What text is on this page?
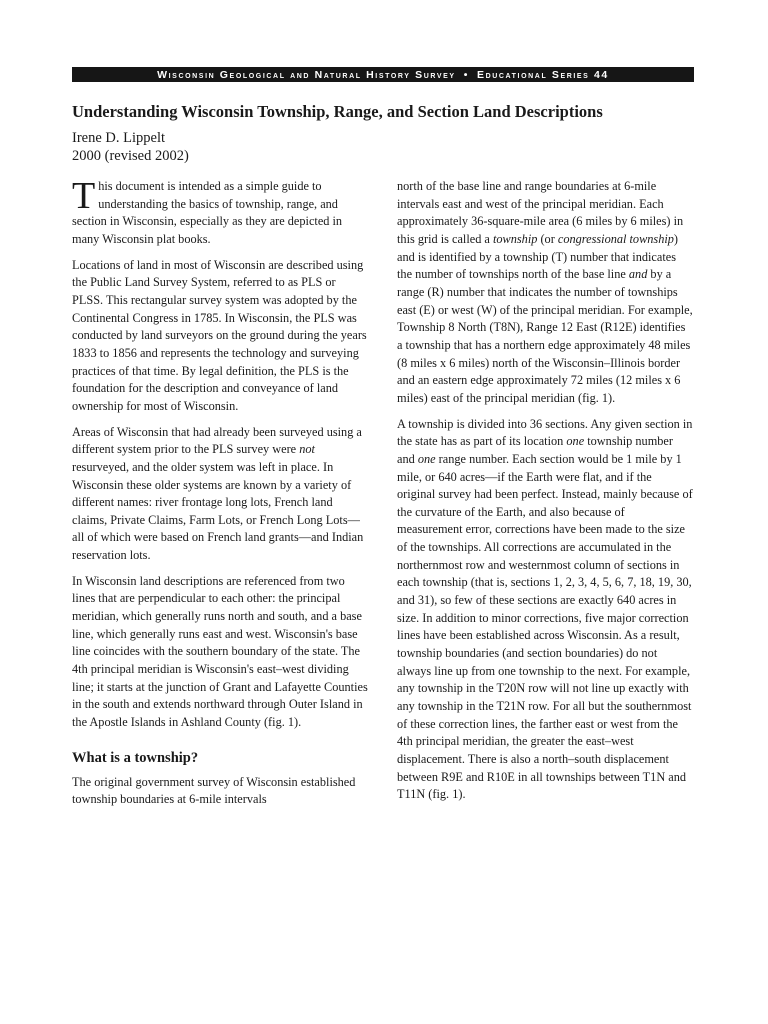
Wisconsin Geological and Natural History Survey • Educational Series 44
Understanding Wisconsin Township, Range, and Section Land Descriptions
Irene D. Lippelt
2000 (revised 2002)

This document is intended as a simple guide to understanding the basics of township, range, and section in Wisconsin, especially as they are depicted in many Wisconsin plat books.

Locations of land in most of Wisconsin are described using the Public Land Survey System, referred to as PLS or PLSS. This rectangular survey system was adopted by the Continental Congress in 1785. In Wisconsin, the PLS was conducted by land surveyors on the ground during the years 1833 to 1856 and represents the technology and surveying practices of that time. By legal definition, the PLS is the foundation for the description and conveyance of land ownership for most of Wisconsin.

Areas of Wisconsin that had already been surveyed using a different system prior to the PLS survey were not resurveyed, and the older system was left in place. In Wisconsin these older systems are known by a variety of different names: river frontage long lots, French land claims, Private Claims, Farm Lots, or French Long Lots—all of which were based on French land grants—and Indian reservation lots.

In Wisconsin land descriptions are referenced from two lines that are perpendicular to each other: the principal meridian, which generally runs north and south, and a base line, which generally runs east and west. Wisconsin's base line coincides with the southern boundary of the state. The 4th principal meridian is Wisconsin's east–west dividing line; it starts at the junction of Grant and Lafayette Counties in the south and extends northward through Outer Island in the Apostle Islands in Ashland County (fig. 1).

What is a township?

The original government survey of Wisconsin established township boundaries at 6-mile intervals

north of the base line and range boundaries at 6-mile intervals east and west of the principal meridian. Each approximately 36-square-mile area (6 miles by 6 miles) in this grid is called a township (or congressional township) and is identified by a township (T) number that indicates the number of townships north of the base line and by a range (R) number that indicates the number of townships east (E) or west (W) of the principal meridian. For example, Township 8 North (T8N), Range 12 East (R12E) identifies a township that has a northern edge approximately 48 miles (8 miles x 6 miles) north of the Wisconsin–Illinois border and an eastern edge approximately 72 miles (12 miles x 6 miles) east of the principal meridian (fig. 1).

A township is divided into 36 sections. Any given section in the state has as part of its location one township number and one range number. Each section would be 1 mile by 1 mile, or 640 acres—if the Earth were flat, and if the original survey had been perfect. Instead, mainly because of the curvature of the Earth, and also because of measurement error, corrections have been made to the size of the townships. All corrections are accumulated in the northernmost row and westernmost column of sections in each township (that is, sections 1, 2, 3, 4, 5, 6, 7, 18, 19, 30, and 31), so few of these sections are exactly 640 acres in size. In addition to minor corrections, five major correction lines have been established across Wisconsin. As a result, township boundaries (and section boundaries) do not always line up from one township to the next. For example, any township in the T20N row will not line up exactly with any township in the T21N row. For all but the southernmost of these correction lines, the farther east or west from the 4th principal meridian, the greater the east–west displacement. There is also a north–south displacement between R9E and R10E in all townships between T1N and T11N (fig. 1).
